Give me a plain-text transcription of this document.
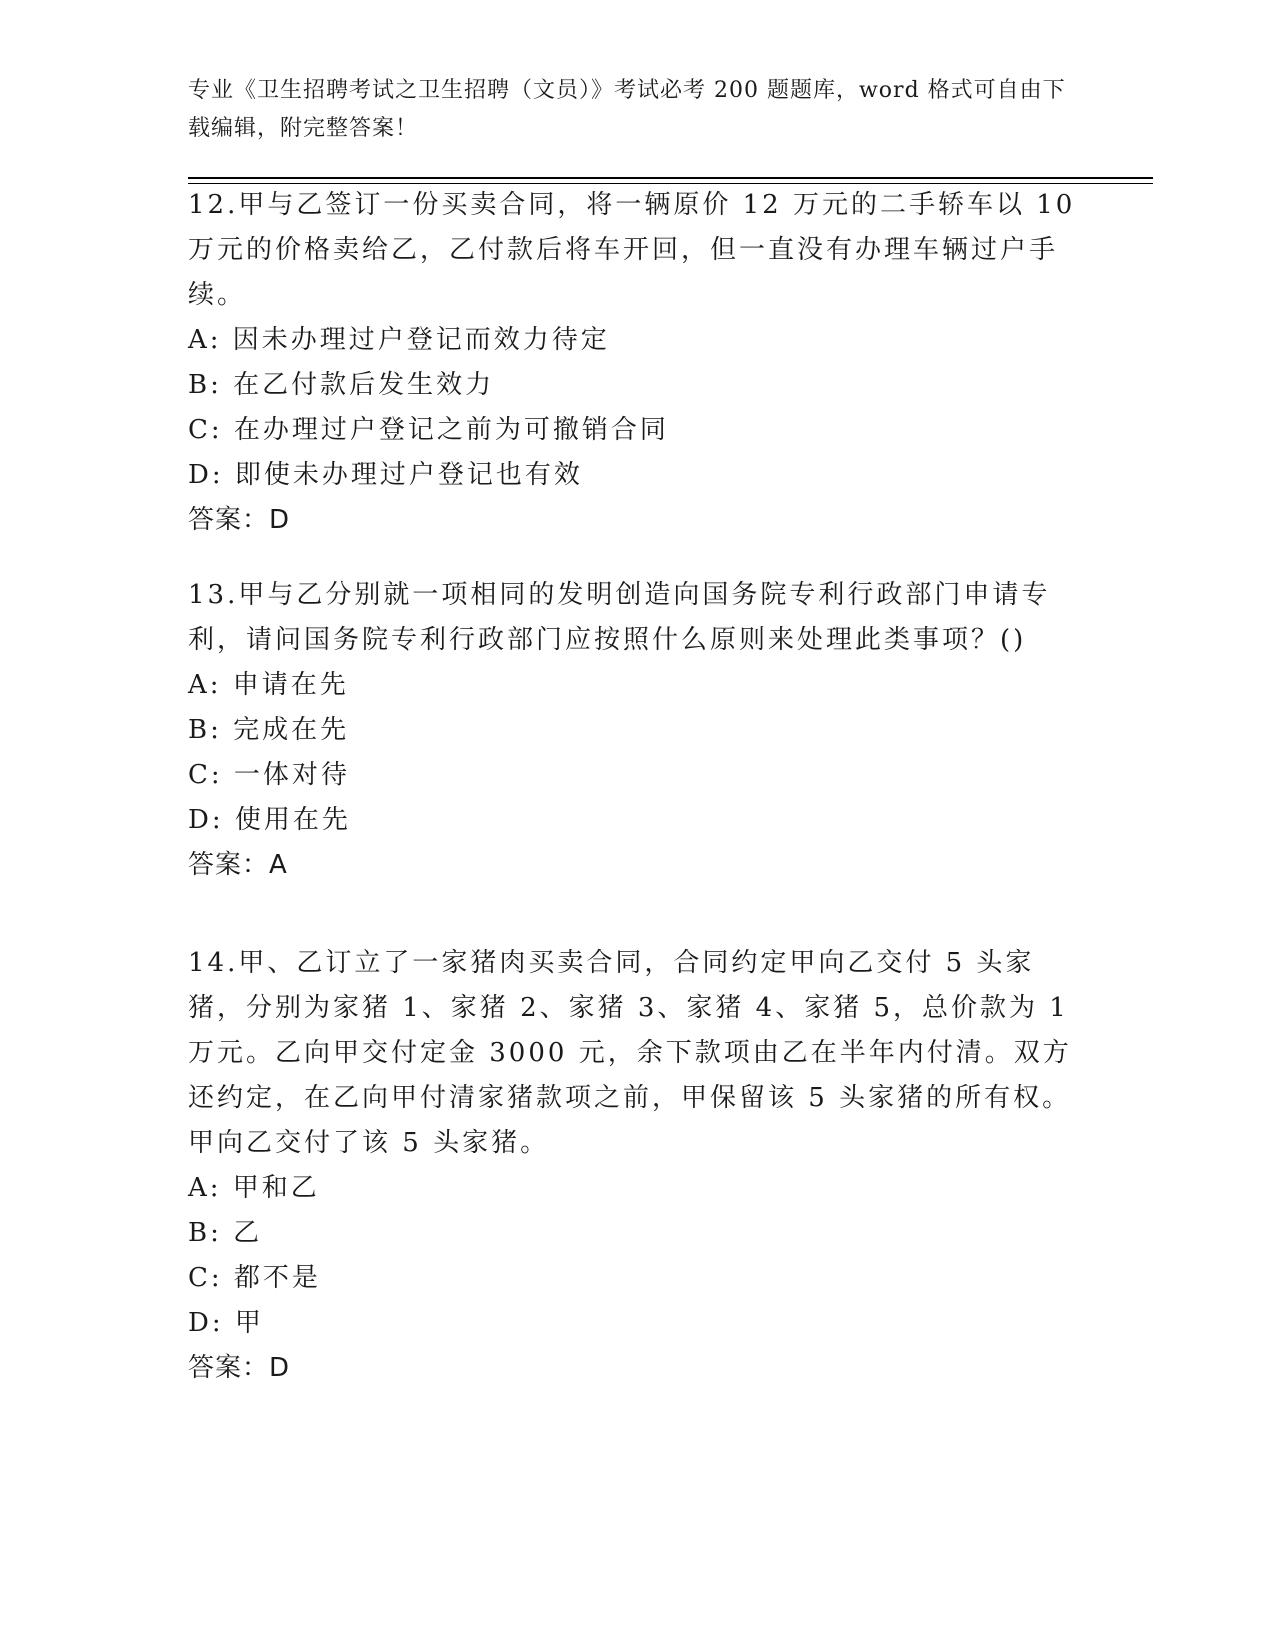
专业《卫生招聘考试之卫生招聘（文员）》考试必考 200 题题库，word 格式可自由下载编辑，附完整答案！

12.甲与乙签订一份买卖合同，将一辆原价 12 万元的二手轿车以 10 万元的价格卖给乙，乙付款后将车开回，但一直没有办理车辆过户手续。

A: 因未办理过户登记而效力待定

B: 在乙付款后发生效力

C: 在办理过户登记之前为可撤销合同

D: 即使未办理过户登记也有效

答案：D

13.甲与乙分别就一项相同的发明创造向国务院专利行政部门申请专利，请问国务院专利行政部门应按照什么原则来处理此类事项？()

A: 申请在先

B: 完成在先

C: 一体对待

D: 使用在先

答案：A

14.甲、乙订立了一家猪肉买卖合同，合同约定甲向乙交付 5 头家猪，分别为家猪 1、家猪 2、家猪 3、家猪 4、家猪 5，总价款为 1 万元。乙向甲交付定金 3000 元，余下款项由乙在半年内付清。双方还约定，在乙向甲付清家猪款项之前，甲保留该 5 头家猪的所有权。甲向乙交付了该 5 头家猪。

A: 甲和乙

B: 乙

C: 都不是

D: 甲

答案：D
